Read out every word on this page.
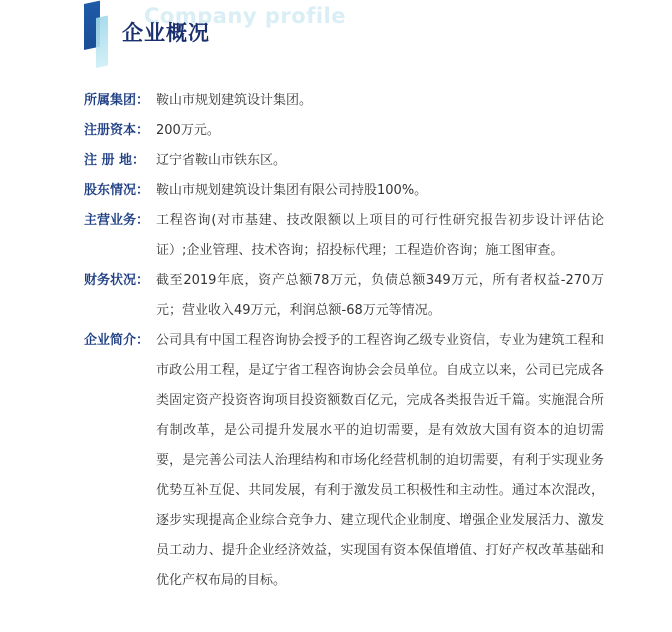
Company profile
企业概况
所属集团： 鞍山市规划建筑设计集团。
注册资本： 200万元。
注 册 地： 辽宁省鞍山市铁东区。
股东情况： 鞍山市规划建筑设计集团有限公司持股100%。
主营业务： 工程咨询(对市基建、技改限额以上项目的可行性研究报告初步设计评估论证）;企业管理、技术咨询；招投标代理；工程造价咨询；施工图审查。
财务状况： 截至2019年底，资产总额78万元，负债总额349万元，所有者权益-270万元；营业收入49万元，利润总额-68万元等情况。
企业简介： 公司具有中国工程咨询协会授予的工程咨询乙级专业资信，专业为建筑工程和市政公用工程，是辽宁省工程咨询协会会员单位。自成立以来，公司已完成各类固定资产投资咨询项目投资额数百亿元，完成各类报告近千篇。实施混合所有制改革，是公司提升发展水平的迫切需要，是有效放大国有资本的迫切需要，是完善公司法人治理结构和市场化经营机制的迫切需要，有利于实现业务优势互补互促、共同发展，有利于激发员工积极性和主动性。通过本次混改，逐步实现提高企业综合竞争力、建立现代企业制度、增强企业发展活力、激发员工动力、提升企业经济效益，实现国有资本保值增值、打好产权改革基础和优化产权布局的目标。
